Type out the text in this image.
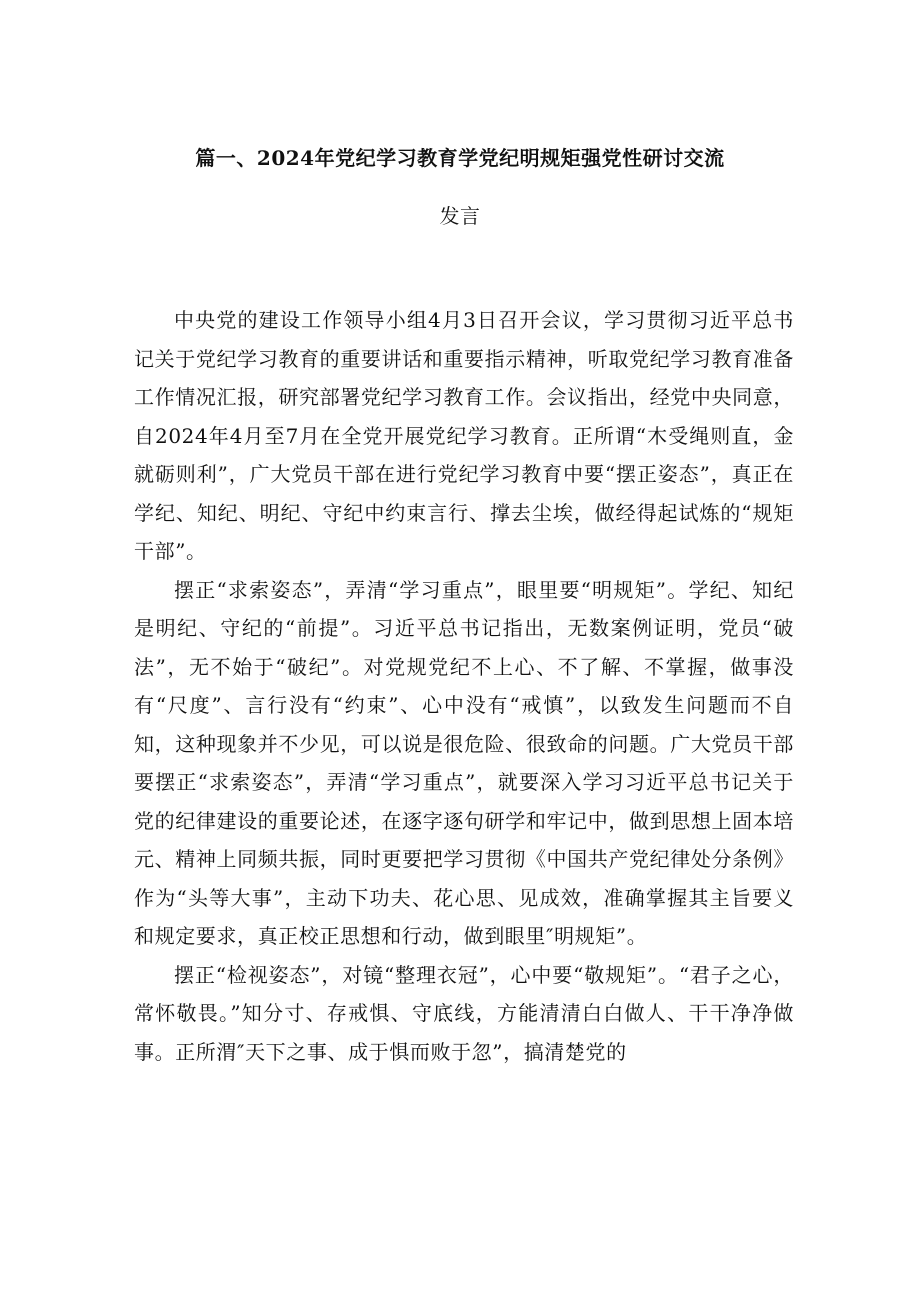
篇一、2024年党纪学习教育学党纪明规矩强党性研讨交流
发言

中央党的建设工作领导小组4月3日召开会议，学习贯彻习近平总书记关于党纪学习教育的重要讲话和重要指示精神，听取党纪学习教育准备工作情况汇报，研究部署党纪学习教育工作。会议指出，经党中央同意，自2024年4月至7月在全党开展党纪学习教育。正所谓“木受绳则直，金就砺则利”，广大党员干部在进行党纪学习教育中要“摆正姿态”，真正在学纪、知纪、明纪、守纪中约束言行、撑去尘埃，做经得起试炼的“规矩干部”。

摆正“求索姿态”，弄清“学习重点”，眼里要“明规矩”。学纪、知纪是明纪、守纪的“前提”。习近平总书记指出，无数案例证明，党员“破法”，无不始于“破纪”。对党规党纪不上心、不了解、不掌握，做事没有“尺度”、言行没有“约束”、心中没有“戒慎”，以致发生问题而不自知，这种现象并不少见，可以说是很危险、很致命的问题。广大党员干部要摆正“求索姿态”，弄清“学习重点”，就要深入学习习近平总书记关于党的纪律建设的重要论述，在逐字逐句研学和牢记中，做到思想上固本培元、精神上同频共振，同时更要把学习贯彻《中国共产党纪律处分条例》作为“头等大事”，主动下功夫、花心思、见成效，准确掌握其主旨要义和规定要求，真正校正思想和行动，做到眼里″明规矩”。

摆正“检视姿态”，对镜“整理衣冠”，心中要“敬规矩”。“君子之心，常怀敬畏。”知分寸、存戒惧、守底线，方能清清白白做人、干干净净做事。正所渭″天下之事、成于惧而败于忽”，搞清楚党的
